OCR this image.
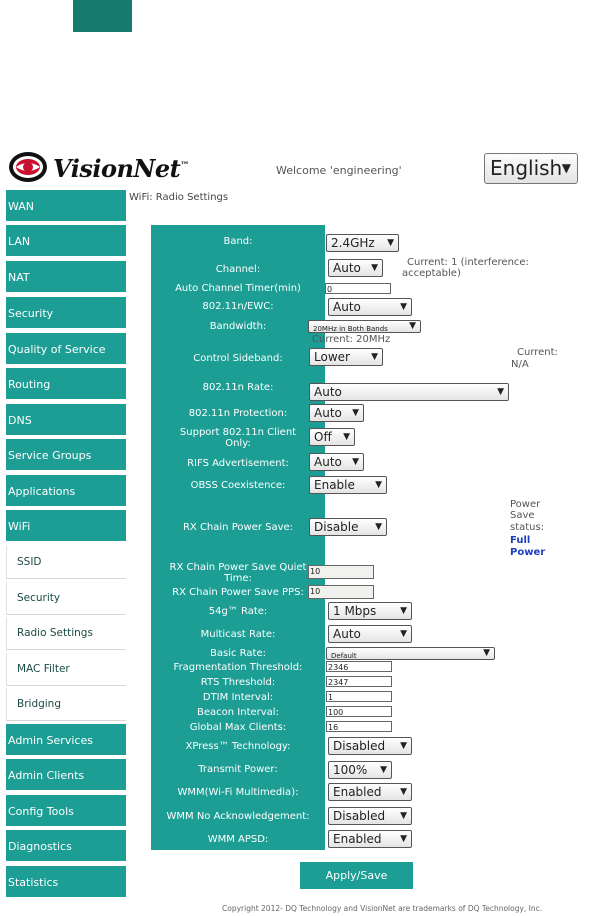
VisionNet™	Welcome 'engineering'	English ▼
WAN
LAN
NAT
Security
Quality of Service
Routing
DNS
Service Groups
Applications
WiFi
SSID
Security
Radio Settings
MAC Filter
Bridging
Admin Services
Admin Clients
Config Tools
Diagnostics
Statistics
WiFi: Radio Settings
Band:	2.4GHz ▼
Channel:	Auto ▼	Current: 1 (interference:
acceptable)
Auto Channel Timer(min)	0
802.11n/EWC:	Auto	▼
Bandwidth:	20MHz in Both Bands ▼
Current: 20MHz
Control Sideband:	Lower ▼	Current:
N/A
802.11n Rate:	Auto	▼
802.11n Protection:	Auto ▼
Support 802.11n Client
Only:	Off ▼
RIFS Advertisement:	Auto ▼
OBSS Coexistence:	Enable ▼
RX Chain Power Save:	Disable ▼
Power
Save
status:
Full
Power
RX Chain Power Save Quiet
Time:
10
RX Chain Power Save PPS: 10
54g™ Rate:	1 Mbps	▼
Multicast Rate:	Auto	▼
Basic Rate:	Default	▼
Fragmentation Threshold:	2346
RTS Threshold:	2347
DTIM Interval:	1
Beacon Interval:	100
Global Max Clients:	16
XPress™ Technology:	Disabled ▼
Transmit Power:	100% ▼
WMM(Wi-Fi Multimedia):	Enabled ▼
WMM No Acknowledgement:	Disabled ▼
WMM APSD:	Enabled ▼
Apply/Save
Copyright 2012- DQ Technology and VisionNet are trademarks of DQ Technology, Inc.
